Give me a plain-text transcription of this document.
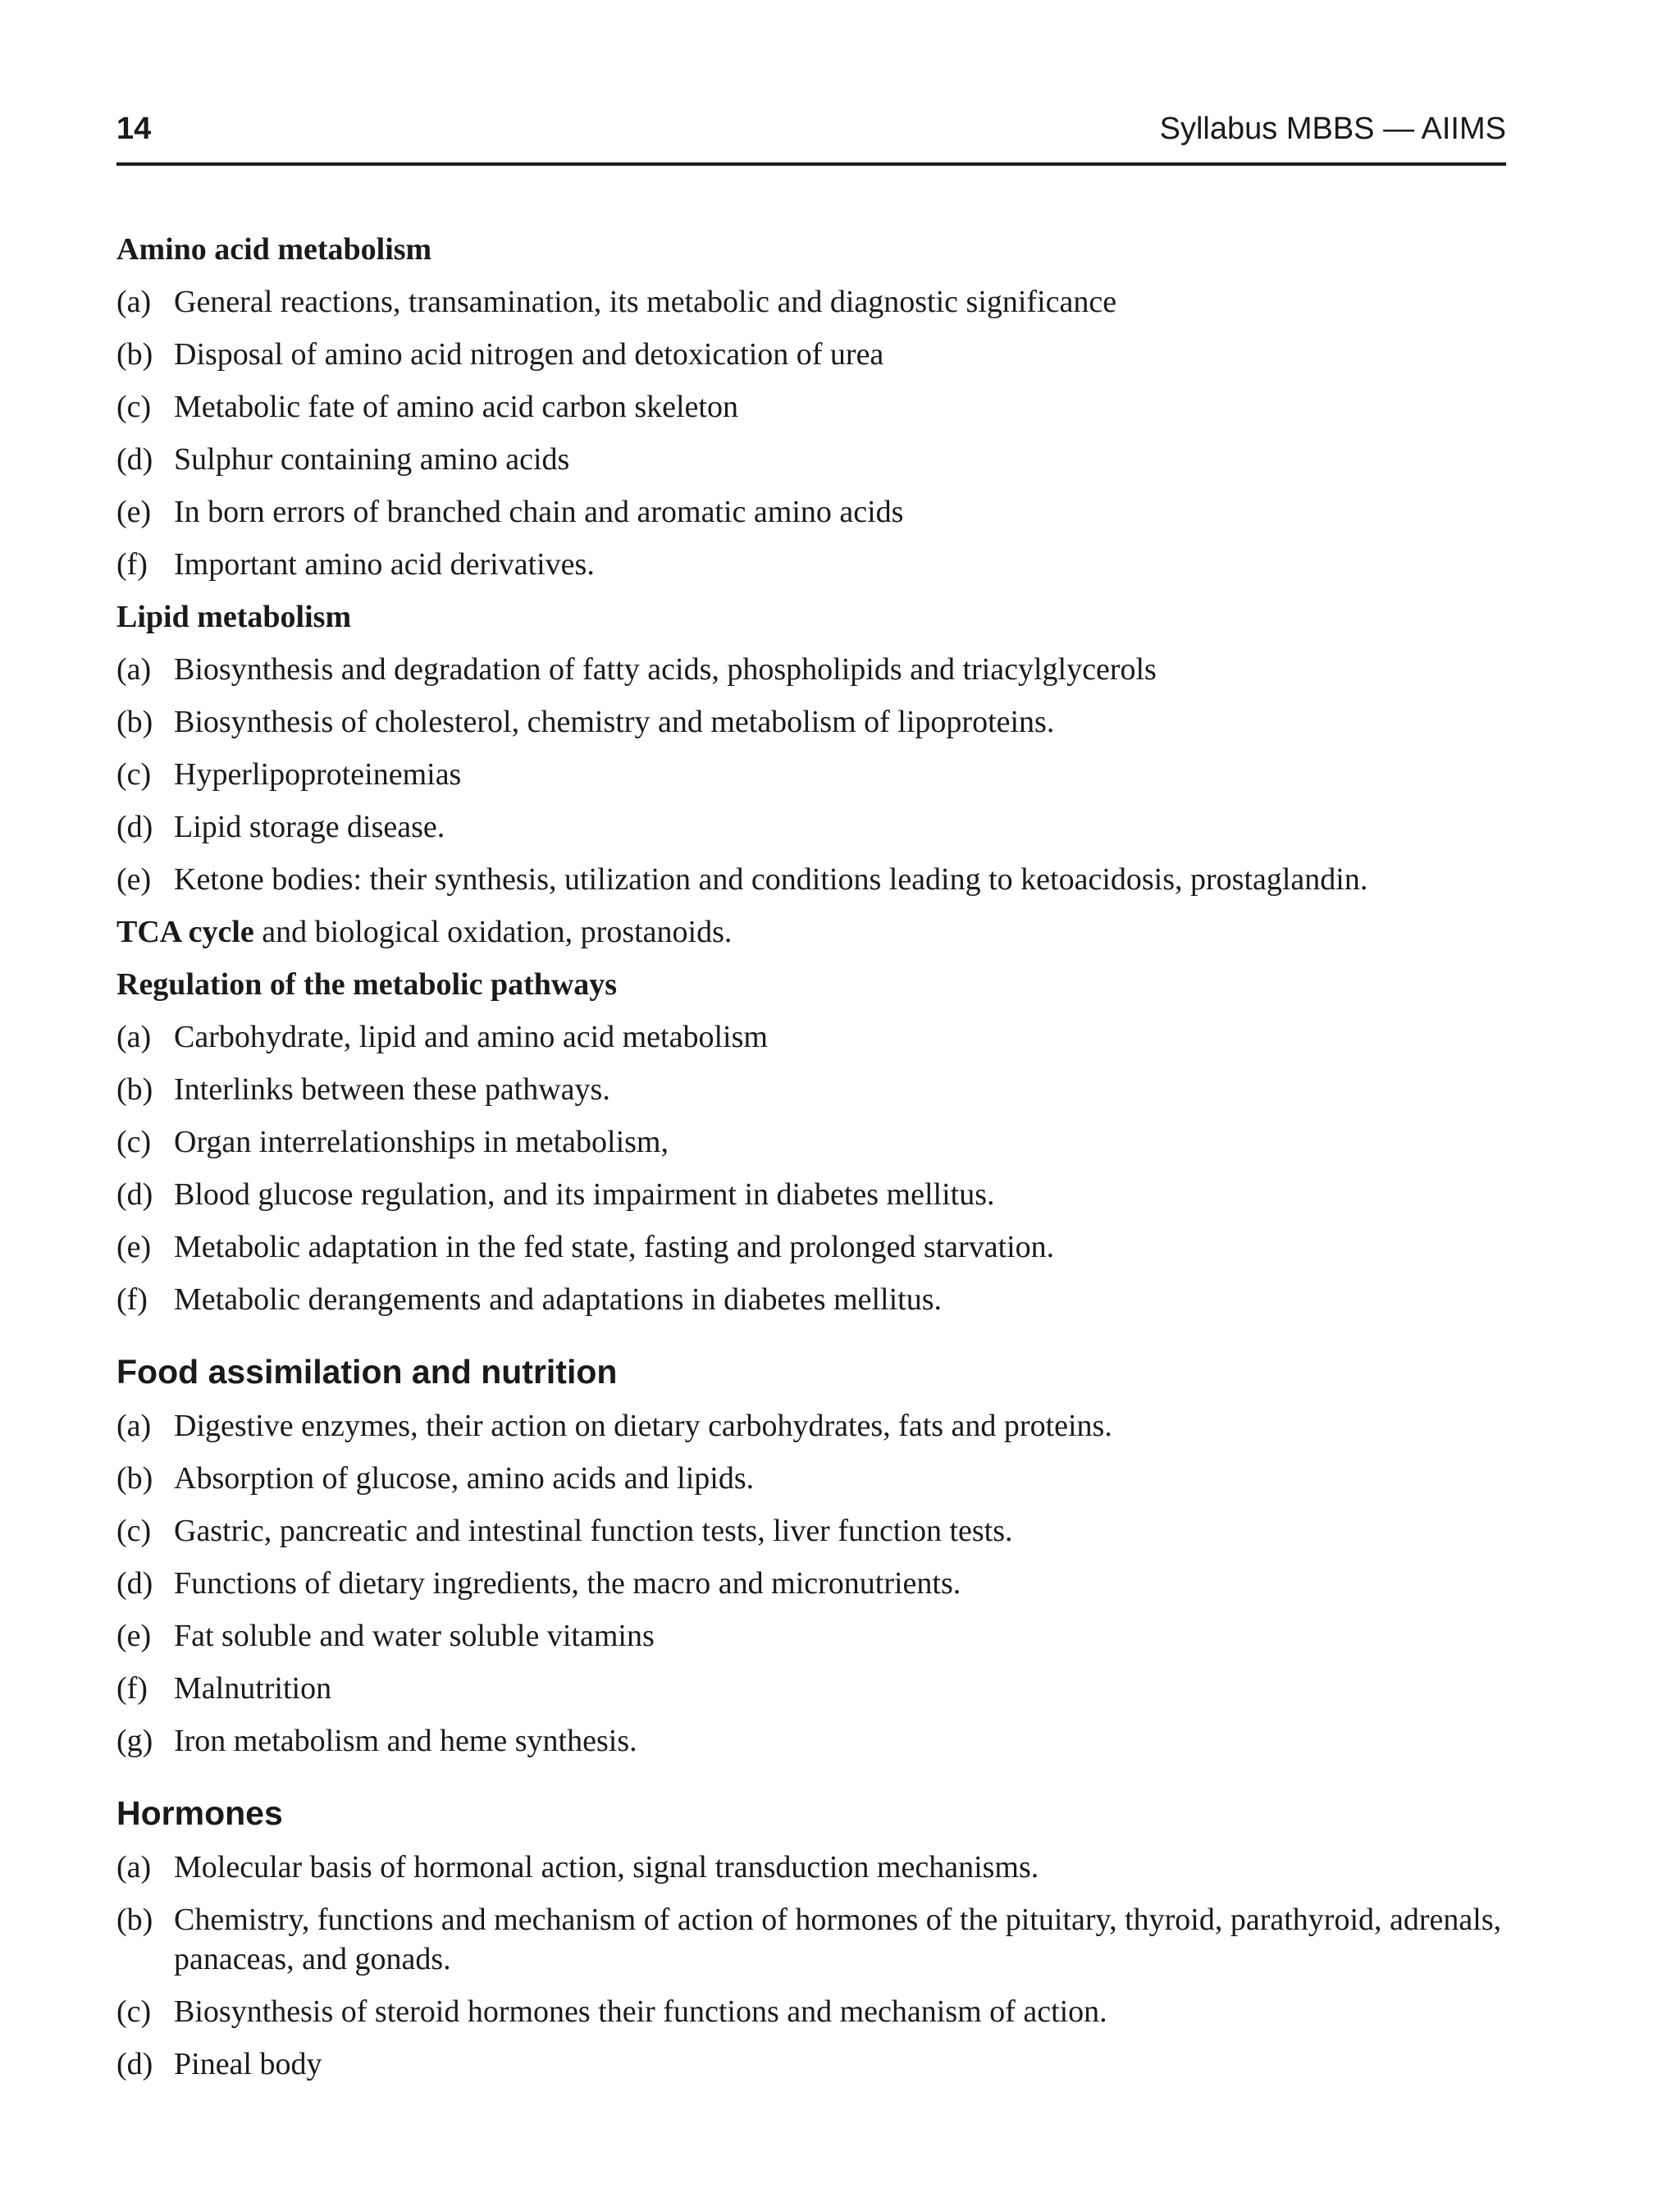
14	Syllabus MBBS — AIIMS
Amino acid metabolism
(a) General reactions, transamination, its metabolic and diagnostic significance
(b) Disposal of amino acid nitrogen and detoxication of urea
(c) Metabolic fate of amino acid carbon skeleton
(d) Sulphur containing amino acids
(e) In born errors of branched chain and aromatic amino acids
(f) Important amino acid derivatives.
Lipid metabolism
(a) Biosynthesis and degradation of fatty acids, phospholipids and triacylglycerols
(b) Biosynthesis of cholesterol, chemistry and metabolism of lipoproteins.
(c) Hyperlipoproteinemias
(d) Lipid storage disease.
(e) Ketone bodies: their synthesis, utilization and conditions leading to ketoacidosis, prostaglandin.
TCA cycle and biological oxidation, prostanoids.
Regulation of the metabolic pathways
(a) Carbohydrate, lipid and amino acid metabolism
(b) Interlinks between these pathways.
(c) Organ interrelationships in metabolism,
(d) Blood glucose regulation, and its impairment in diabetes mellitus.
(e) Metabolic adaptation in the fed state, fasting and prolonged starvation.
(f) Metabolic derangements and adaptations in diabetes mellitus.
Food assimilation and nutrition
(a) Digestive enzymes, their action on dietary carbohydrates, fats and proteins.
(b) Absorption of glucose, amino acids and lipids.
(c) Gastric, pancreatic and intestinal function tests, liver function tests.
(d) Functions of dietary ingredients, the macro and micronutrients.
(e) Fat soluble and water soluble vitamins
(f) Malnutrition
(g) Iron metabolism and heme synthesis.
Hormones
(a) Molecular basis of hormonal action, signal transduction mechanisms.
(b) Chemistry, functions and mechanism of action of hormones of the pituitary, thyroid, parathyroid, adrenals, panaceas, and gonads.
(c) Biosynthesis of steroid hormones their functions and mechanism of action.
(d) Pineal body
